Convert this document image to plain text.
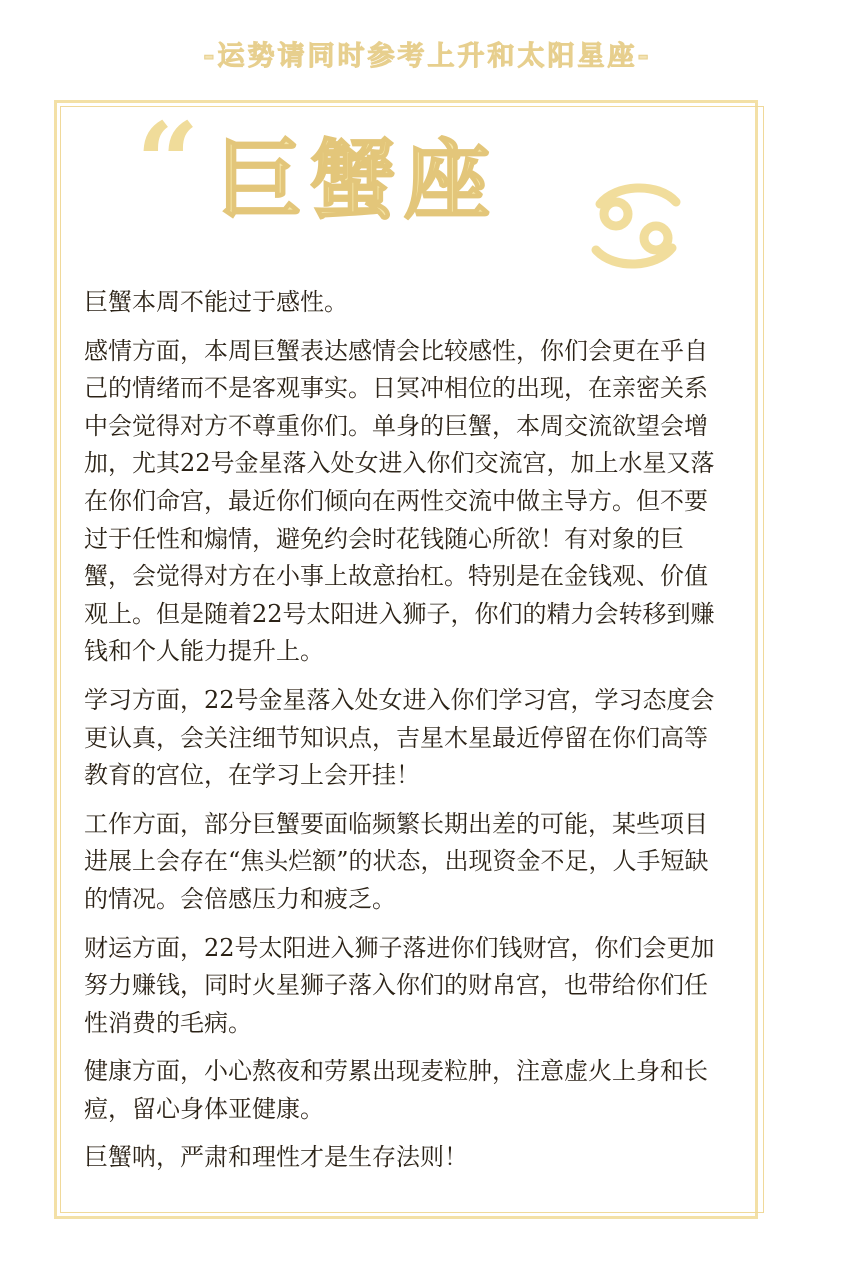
-运势请同时参考上升和太阳星座-
“ 巨蟹座

巨蟹本周不能过于感性。

感情方面，本周巨蟹表达感情会比较感性，你们会更在乎自己的情绪而不是客观事实。日冥冲相位的出现，在亲密关系中会觉得对方不尊重你们。单身的巨蟹，本周交流欲望会增加，尤其22号金星落入处女进入你们交流宫，加上水星又落在你们命宫，最近你们倾向在两性交流中做主导方。但不要过于任性和煽情，避免约会时花钱随心所欲！有对象的巨蟹，会觉得对方在小事上故意抬杠。特别是在金钱观、价值观上。但是随着22号太阳进入狮子，你们的精力会转移到赚钱和个人能力提升上。

学习方面，22号金星落入处女进入你们学习宫，学习态度会更认真，会关注细节知识点，吉星木星最近停留在你们高等教育的宫位，在学习上会开挂！

工作方面，部分巨蟹要面临频繁长期出差的可能，某些项目进展上会存在“焦头烂额”的状态，出现资金不足，人手短缺的情况。会倍感压力和疲乏。

财运方面，22号太阳进入狮子落进你们钱财宫，你们会更加努力赚钱，同时火星狮子落入你们的财帛宫，也带给你们任性消费的毛病。

健康方面，小心熬夜和劳累出现麦粒肿，注意虚火上身和长痘，留心身体亚健康。

巨蟹呐，严肃和理性才是生存法则！
